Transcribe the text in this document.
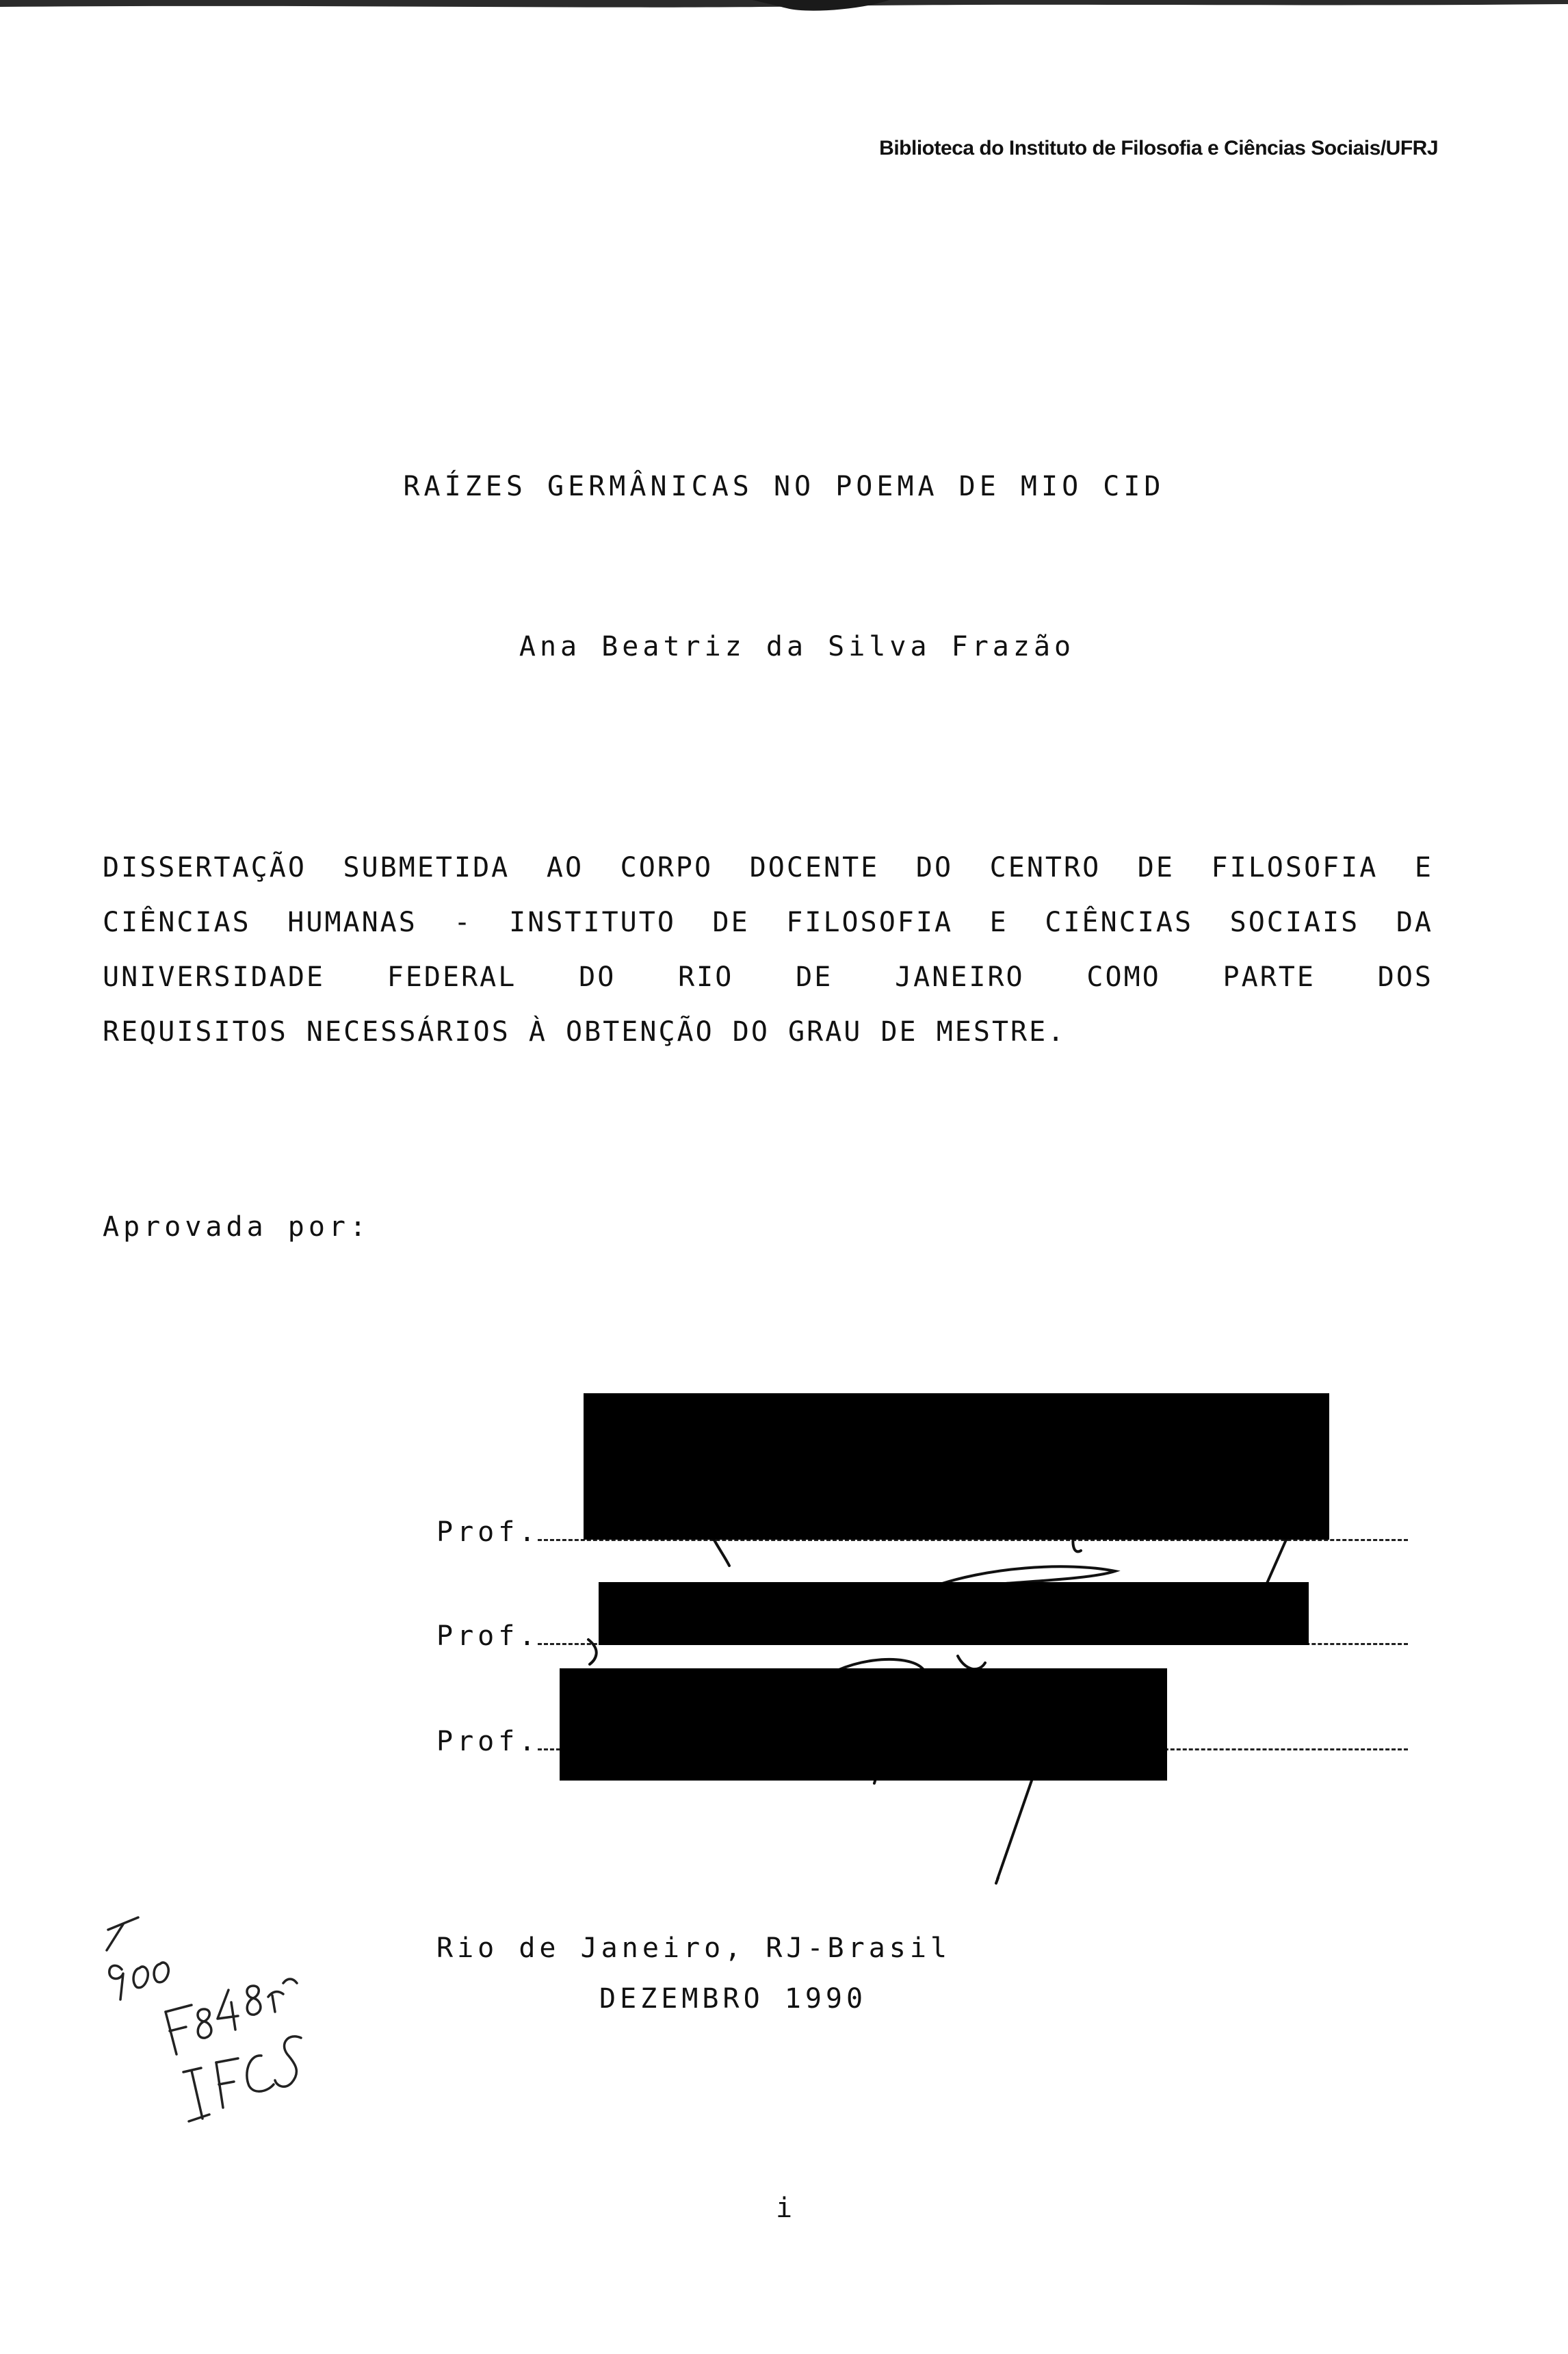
Biblioteca do Instituto de Filosofia e Ciências Sociais/UFRJ
RAÍZES GERMÂNICAS NO POEMA DE MIO CID
Ana Beatriz da Silva Frazão
DISSERTAÇÃO SUBMETIDA AO CORPO DOCENTE DO CENTRO DE FILOSOFIA E
CIÊNCIAS HUMANAS - INSTITUTO DE FILOSOFIA E CIÊNCIAS SOCIAIS DA
UNIVERSIDADE FEDERAL DO RIO DE JANEIRO COMO PARTE DOS
REQUISITOS NECESSÁRIOS À OBTENÇÃO DO GRAU DE MESTRE.
Aprovada por:
Prof.
Prof.
Prof.
Rio de Janeiro, RJ-Brasil
DEZEMBRO 1990
i
